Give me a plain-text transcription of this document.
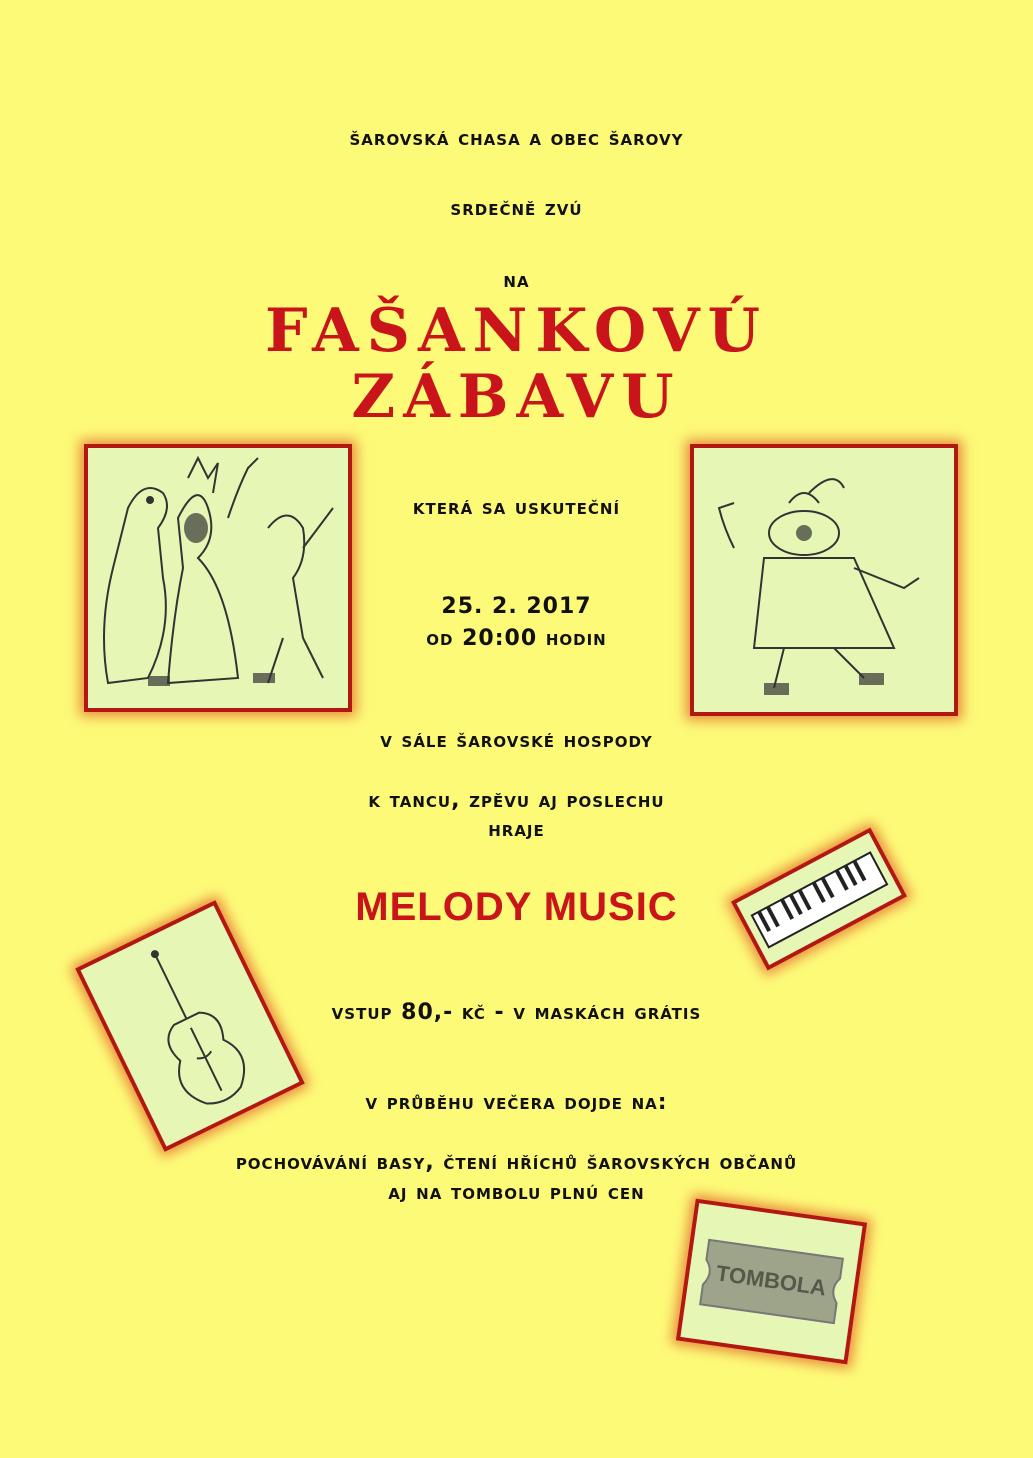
šarovská chasa a obec šarovy
srdečně zvú
na
FAŠANKOVÚ
ZÁBAVU
která sa uskuteční
25. 2. 2017
od 20:00 hodin
v sále šarovské hospody
k tancu, zpěvu aj poslechu
hraje
MELODY MUSIC
vstup 80,- kč - v maskách grátis
v průběhu večera dojde na:
pochovávání basy, čtení hříchů šarovských občanů
aj na tombolu plnú cen
TOMBOLA
